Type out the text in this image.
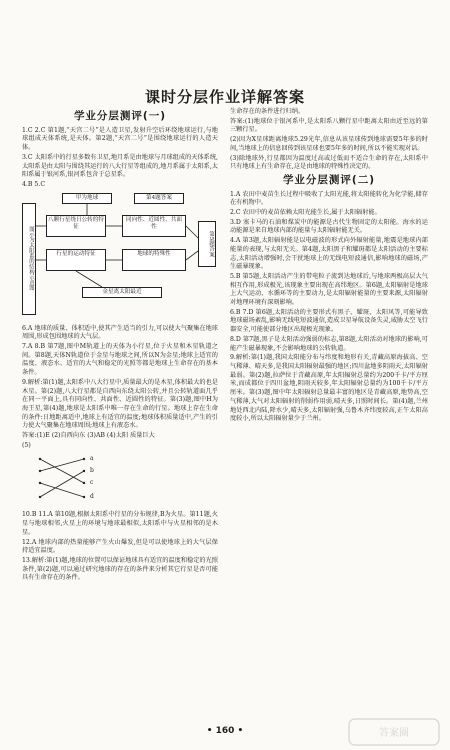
课时分层作业详解答案
学业分层测评(一)

1.C 2.C 第1题,“天宫二号”是人造卫星,发射升空后环绕地球运行,与地球组成天体系统,是天体。第2题,“天宫二号”是围绕地球运行的人造天体。

3.C 太阳系中的行星多数有卫星,地月系是由地球与月球组成的天体系统,太阳系是由太阳与围绕其运行的八大行星等组成的,地月系属于太阳系,太阳系属于银河系,银河系包含于总星系。

4.B 5.C

甲为地球	第4题答案
图示为太阳系的结构示意图
八颗行星绕日公转的特征
同向性、近圆性、共面性
行星的运动特征	地球的特殊性	第5题答案
金星离太阳最近

6.A 地球的质量、体积适中,使其产生适当的引力,可以使大气聚集在地球周围,形成包围地球的大气层。

7.A 8.B 第7题,图中M轨道上的天体为小行星,位于火星和木星轨道之间。第8题,天体N轨道位于金星与地球之间,所以N为金星;地球上适宜的温度、液态水、适宜的大气和稳定的光照等都是地球上生命存在的基本条件。

9.解析:第(1)题,太阳系中八大行星中,质量最大的是木星,体积最大的也是木星。第(2)题,八大行星都是自西向东绕太阳公转,并且公转轨道面几乎在同一平面上,具有同向性、共面性、近圆性的特征。第(3)题,图中H为海王星,第(4)题,地球是太阳系中唯一存在生命的行星。地球上存在生命的条件:日地距离适中,地球上有适宜的温度;地球体积质量适中,产生的引力使大气聚集在地球周围;地球上有液态水。

答案:(1)E (2)自西向东 (3)AB (4)太阳 质量巨大

(5)

a
b
c
d

10.B 11.A 第10题,根据太阳系中行星的分布规律,B为火星。第11题,火星与地球相邻,火星上的环境与地球最相似,太阳系中与火星相邻的是木星。

12.A 地球内部的热量能够产生火山爆发,但是可以使地球上的大气层保持适宜温度。

13.解析:第(1)题,地球的位置可以保证地球具有适宜的温度和稳定的光照条件,第(2)题,可以通过研究地球的存在的条件来分析其它行星是否可能具有生命存在的条件。

生命存在的条件进行归纳。

答案:(1)地球位于银河系中,是太阳系八颗行星中距离太阳由近至远的第三颗行星。

(2)因为X星球距离地球5.29光年,信息从该星球传到地球需要5年多的时间,当地球上的信息回传到该星球也要5年多的时间,所以不能实现对话。

(3)除地球外,行星都因为温度过高或过低而不适合生命的存在,太阳系中只有地球上有生命存在,这是由地球的特殊性决定的。

学业分层测评(二)

1.A 农田中麦苗生长过程中吸收了太阳光能,将太阳能转化为化学能,储存在有机物中。

2.C 农田中的麦苗依赖太阳光能生长,属于太阳辐射能。

3.D 塞卡马的石油和煤炭中的能源是古代生物固定的太阳能。海水的运动能源是来自地球内部的能量与太阳辐射能无关。

4.A 第3题,太阳辐射能是以电磁波的形式向外辐射能量,地震是地球内部能量的表现,与太阳无关。第4题,太阳黑子和耀斑都是太阳活动的主要标志,太阳活动增强时,会干扰地球上的无线电短波通信,影响地球的磁场,产生磁暴现象。

5.B 第5题,太阳活动产生的带电粒子流到达地球后,与地球两极高层大气相互作用,形成极光,该现象主要出现在高纬地区。第6题,太阳辐射是地球上大气运动、水循环等的主要动力,是太阳辐射能量的主要来源,太阳辐射对地理环境有深刻影响。

6.B 7.D 第6题,太阳活动的主要形式有黑子、耀斑、太阳风等,可能导致地球磁场紊乱,影响无线电短波通信,造成卫星导航设备失灵,威胁太空飞行器安全,可能使部分地区出现极光现象。

8.D 第7题,黑子是太阳活动强弱的标志,第8题,太阳活动对地球的影响,可能产生磁暴现象,不会影响地球的公转轨道。

9.解析:第(1)题,我国太阳能分布与纬度和地形有关,青藏高原海拔高、空气稀薄、晴天多,是我国太阳辐射最强的地区;四川盆地多阴雨天,太阳辐射最弱。第(2)题,拉萨位于青藏高原,年太阳辐射总量约为200千卡/平方厘米,而成都位于四川盆地,阴雨天较多,年太阳辐射总量约为100千卡/平方厘米。第(3)题,图中年太阳辐射总量最丰富的地区是青藏高原,地势高,空气稀薄,大气对太阳辐射的削弱作用弱,晴天多,日照时间长。第(4)题,兰州地处西北内陆,降水少,晴天多,太阳辐射强,乌鲁木齐纬度较高,正午太阳高度较小,所以太阳辐射量少于兰州。

• 160 •	答案圈
